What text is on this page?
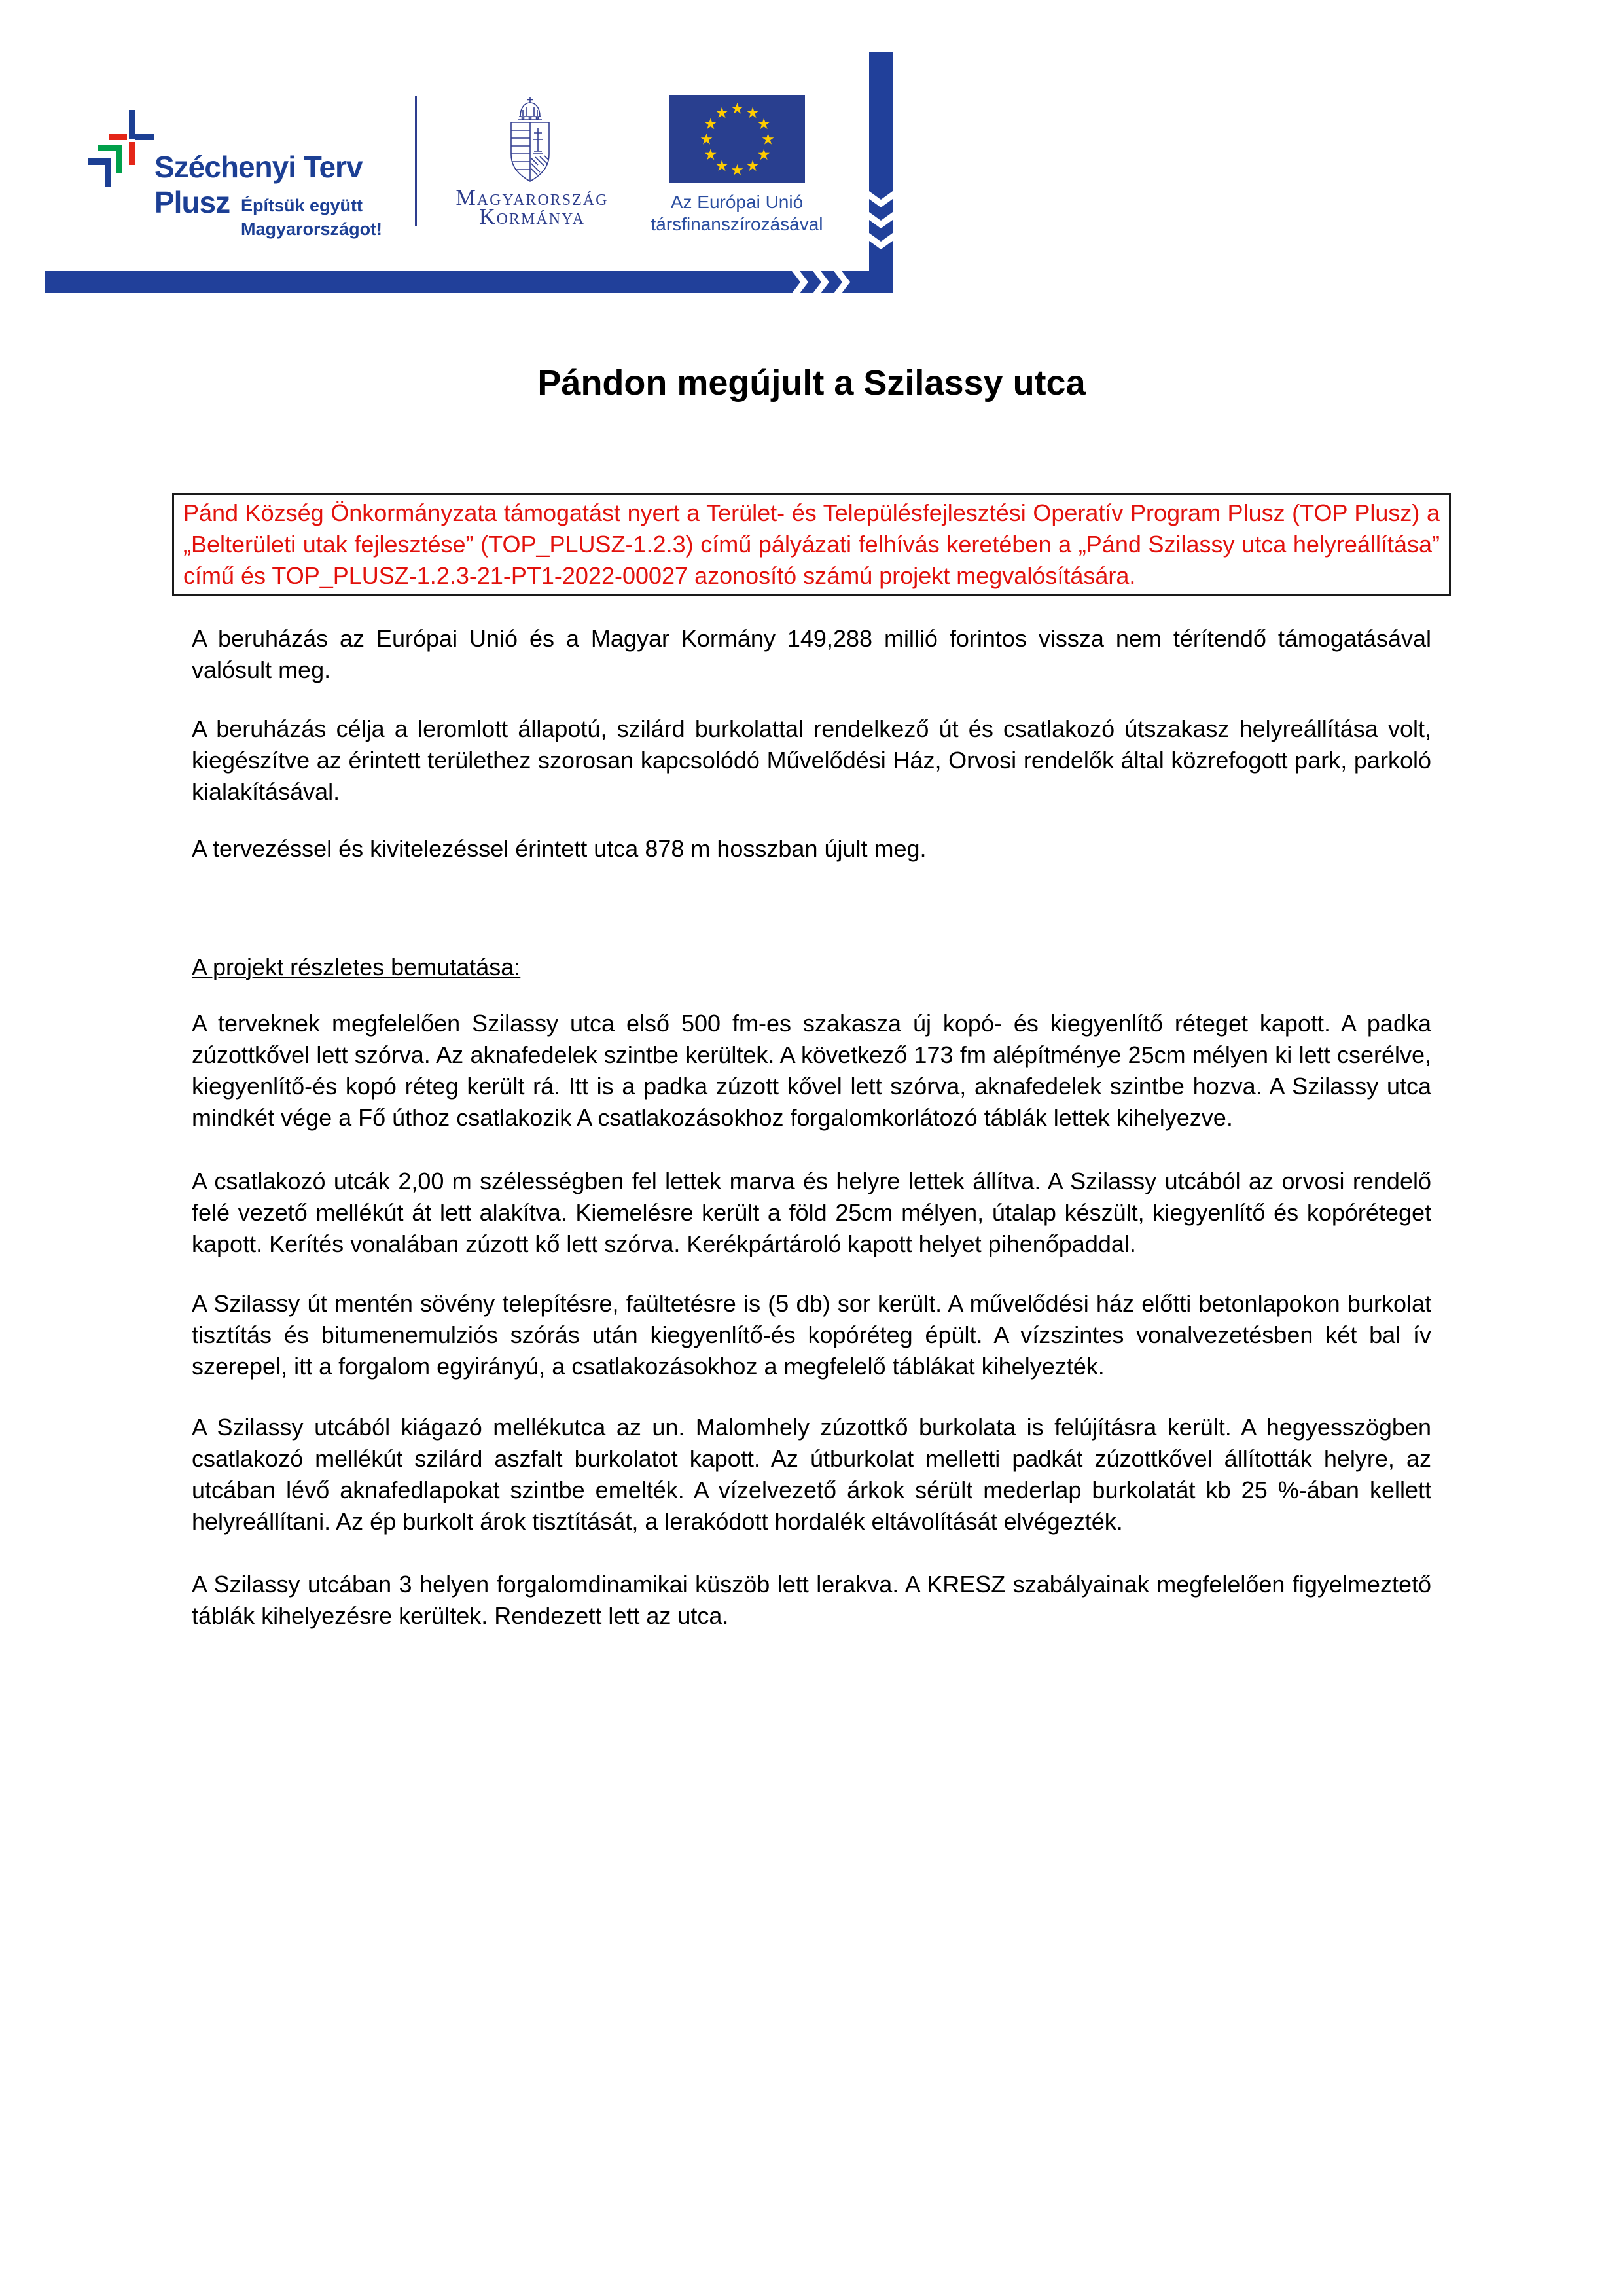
Széchenyi Terv
Plusz Építsük együtt
Magyarországot!
Magyarország
Kormánya
★ ★
★
★
★
★
★
★
★
★
★
★
Az Európai Unió
társfinanszírozásával
Pándon megújult a Szilassy utca
Pánd Község Önkormányzata támogatást nyert a Terület- és Településfejlesztési Operatív Program Plusz (TOP Plusz) a „Belterületi utak fejlesztése” (TOP_PLUSZ-1.2.3) című pályázati felhívás keretében a „Pánd Szilassy utca helyreállítása” című és TOP_PLUSZ-1.2.3-21-PT1-2022-00027 azonosító számú projekt megvalósítására.

A beruházás az Európai Unió és a Magyar Kormány 149,288 millió forintos vissza nem térítendő támogatásával valósult meg.

A beruházás célja a leromlott állapotú, szilárd burkolattal rendelkező út és csatlakozó útszakasz helyreállítása volt, kiegészítve az érintett területhez szorosan kapcsolódó Művelődési Ház, Orvosi rendelők által közrefogott park, parkoló kialakításával.

A tervezéssel és kivitelezéssel érintett utca 878 m hosszban újult meg.

A projekt részletes bemutatása:

A terveknek megfelelően Szilassy utca első 500 fm-es szakasza új kopó- és kiegyenlítő réteget kapott. A padka zúzottkővel lett szórva. Az aknafedelek szintbe kerültek. A következő 173 fm alépítménye 25cm mélyen ki lett cserélve, kiegyenlítő-és kopó réteg került rá. Itt is a padka zúzott kővel lett szórva, aknafedelek szintbe hozva. A Szilassy utca mindkét vége a Fő úthoz csatlakozik A csatlakozásokhoz forgalomkorlátozó táblák lettek kihelyezve.

A csatlakozó utcák 2,00 m szélességben fel lettek marva és helyre lettek állítva. A Szilassy utcából az orvosi rendelő felé vezető mellékút át lett alakítva. Kiemelésre került a föld 25cm mélyen, útalap készült, kiegyenlítő és kopóréteget kapott. Kerítés vonalában zúzott kő lett szórva. Kerékpártároló kapott helyet pihenőpaddal.

A Szilassy út mentén sövény telepítésre, faültetésre is (5 db) sor került. A művelődési ház előtti betonlapokon burkolat tisztítás és bitumenemulziós szórás után kiegyenlítő-és kopóréteg épült. A vízszintes vonalvezetésben két bal ív szerepel, itt a forgalom egyirányú, a csatlakozásokhoz a megfelelő táblákat kihelyezték.

A Szilassy utcából kiágazó mellékutca az un. Malomhely zúzottkő burkolata is felújításra került. A hegyesszögben csatlakozó mellékút szilárd aszfalt burkolatot kapott. Az útburkolat melletti padkát zúzottkővel állították helyre, az utcában lévő aknafedlapokat szintbe emelték. A vízelvezető árkok sérült mederlap burkolatát kb 25 %-ában kellett helyreállítani. Az ép burkolt árok tisztítását, a lerakódott hordalék eltávolítását elvégezték.

A Szilassy utcában 3 helyen forgalomdinamikai küszöb lett lerakva. A KRESZ szabályainak megfelelően figyelmeztető táblák kihelyezésre kerültek. Rendezett lett az utca.
